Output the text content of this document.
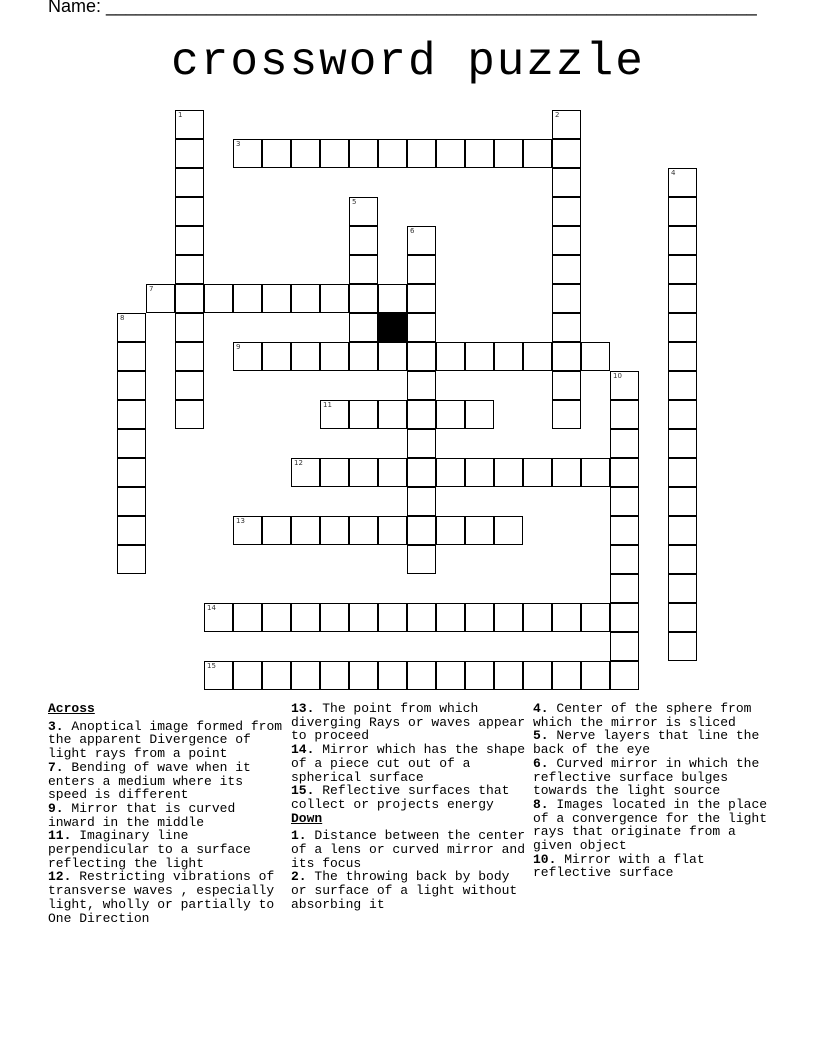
Name: _________________________________________________________________
crossword puzzle
1	2
3
4
5
6
7
8
9
10
11
12
13
14
15
Across
3. Anoptical image formed from the apparent Divergence of light rays from a point
7. Bending of wave when it enters a medium where its speed is different
9. Mirror that is curved inward in the middle
11. Imaginary line perpendicular to a surface reflecting the light
12. Restricting vibrations of transverse waves , especially light, wholly or partially to One Direction
13. The point from which diverging Rays or waves appear to proceed
14. Mirror which has the shape of a piece cut out of a spherical surface
15. Reflective surfaces that collect or projects energy
Down
1. Distance between the center of a lens or curved mirror and its focus
2. The throwing back by body or surface of a light without absorbing it
4. Center of the sphere from which the mirror is sliced
5. Nerve layers that line the back of the eye
6. Curved mirror in which the reflective surface bulges towards the light source
8. Images located in the place of a convergence for the light rays that originate from a given object
10. Mirror with a flat reflective surface
